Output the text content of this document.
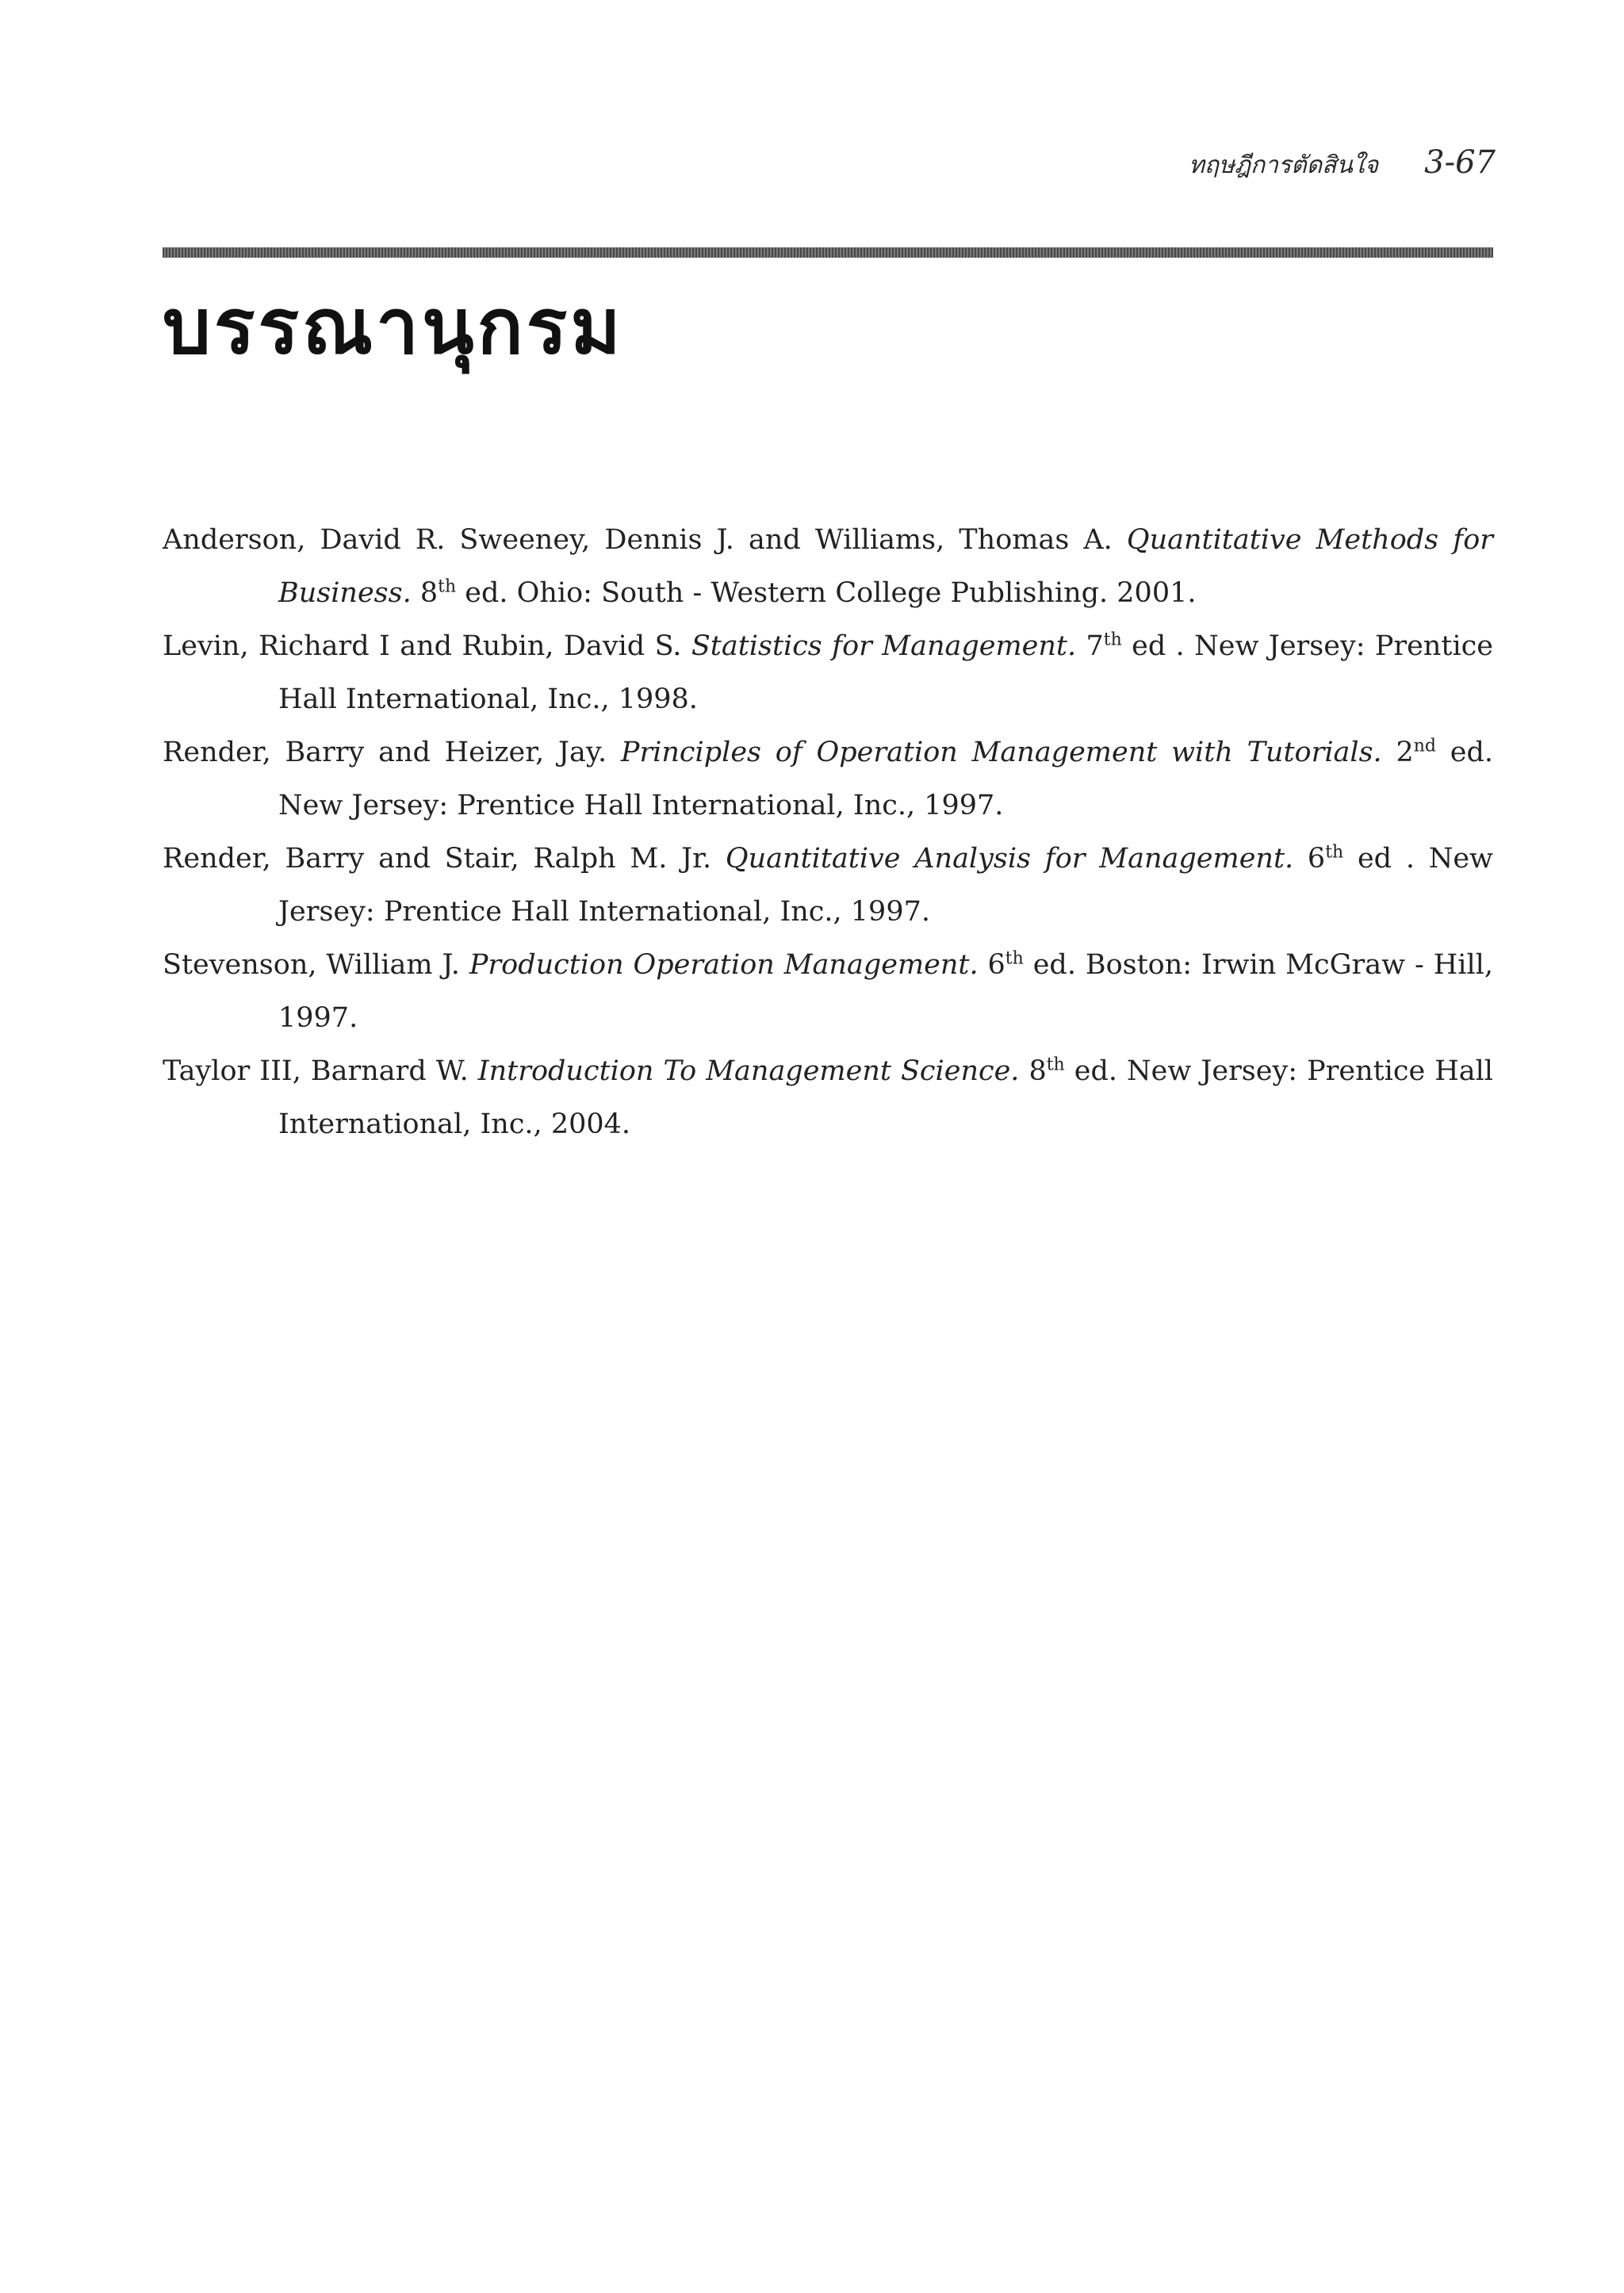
ทฤษฎีการตัดสินใจ 3-67
บรรณานุกรม
Anderson, David R. Sweeney, Dennis J. and Williams, Thomas A. Quantitative Methods for Business. 8th ed. Ohio: South - Western College Publishing. 2001.
Levin, Richard I and Rubin, David S. Statistics for Management. 7th ed . New Jersey: Prentice Hall International, Inc., 1998.
Render, Barry and Heizer, Jay. Principles of Operation Management with Tutorials. 2nd ed. New Jersey: Prentice Hall International, Inc., 1997.
Render, Barry and Stair, Ralph M. Jr. Quantitative Analysis for Management. 6th ed . New Jersey: Prentice Hall International, Inc., 1997.
Stevenson, William J. Production Operation Management. 6th ed. Boston: Irwin McGraw - Hill, 1997.
Taylor III, Barnard W. Introduction To Management Science. 8th ed. New Jersey: Prentice Hall International, Inc., 2004.
